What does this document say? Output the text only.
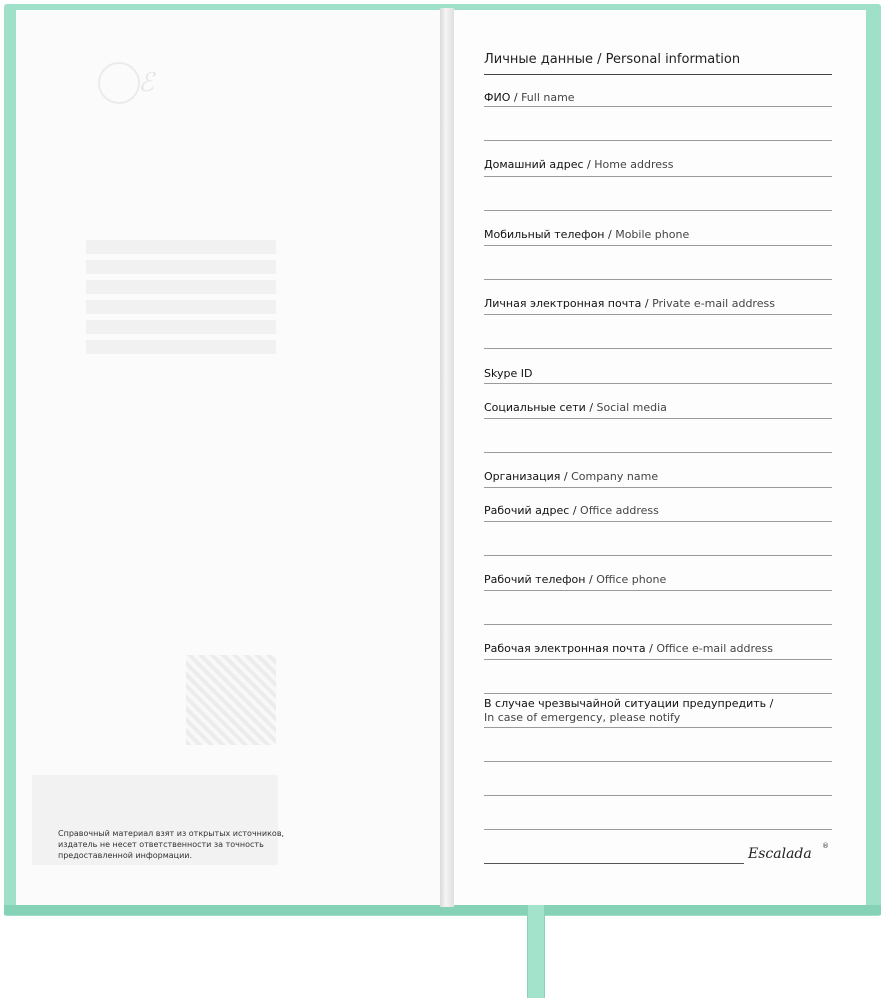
ℰ
Справочный материал взят из открытых источников, издатель не несет ответственности за точность предоставленной информации.
Личные данные / Personal information
ФИО / Full name
Домашний адрес / Home address
Мобильный телефон / Mobile phone
Личная электронная почта / Private e-mail address
Skype ID
Социальные сети / Social media
Организация / Company name
Рабочий адрес / Office address
Рабочий телефон / Office phone
Рабочая электронная почта / Office e-mail address
В случае чрезвычайной ситуации предупредить /
In case of emergency, please notify
Escalada ®
